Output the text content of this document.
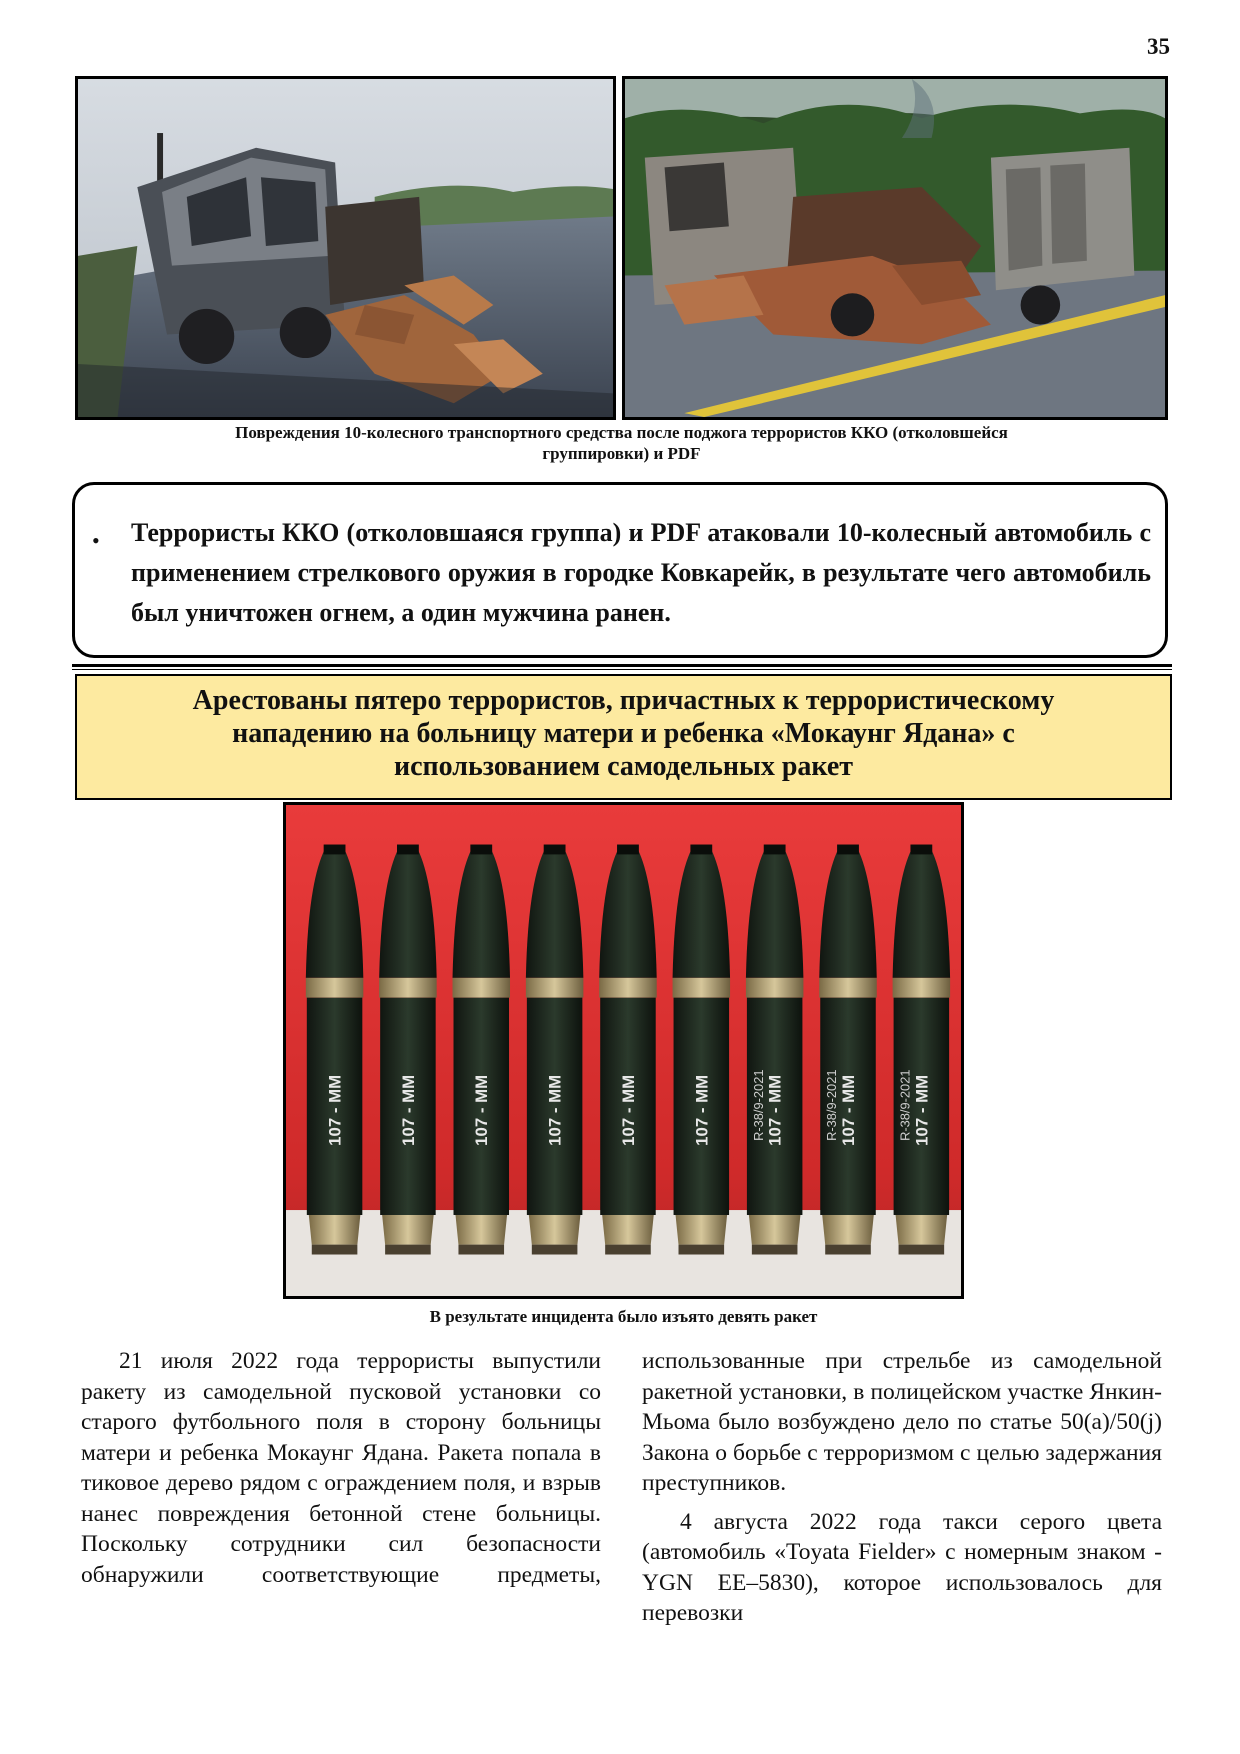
35
Повреждения 10-колесного транспортного средства после поджога террористов ККО (отколовшейся
группировки) и PDF
• Террористы ККО (отколовшаяся группа) и PDF атаковали 10-колесный автомобиль с применением стрелкового оружия в городке Ковкарейк, в результате чего автомобиль был уничтожен огнем, а один мужчина ранен.
Арестованы пятеро террористов, причастных к террористическому
нападению на больницу матери и ребенка «Мокаунг Ядана» с
использованием самодельных ракет
107 - MM	107 - MM	107 - MM	107 - MM	107 - MM	107 - MM	107 - MM
R-38/9-2021	107 - MM
R-38/9-2021	107 - MM
R-38/9-2021
В результате инцидента было изъято девять ракет

21 июля 2022 года террористы выпустили ракету из самодельной пусковой установки со старого футбольного поля в сторону больницы матери и ребенка Мокаунг Ядана. Ракета попала в тиковое дерево рядом с ограждением поля, и взрыв нанес повреждения бетонной стене больницы. Поскольку сотрудники сил безопасности обнаружили соответствующие предметы,

использованные при стрельбе из самодельной ракетной установки, в полицейском участке Янкин-Мьома было возбуждено дело по статье 50(a)/50(j) Закона о борьбе с терроризмом с целью задержания преступников.

4 августа 2022 года такси серого цвета (автомобиль «Toyata Fielder» с номерным знаком - YGN EE–5830), которое использовалось для перевозки
